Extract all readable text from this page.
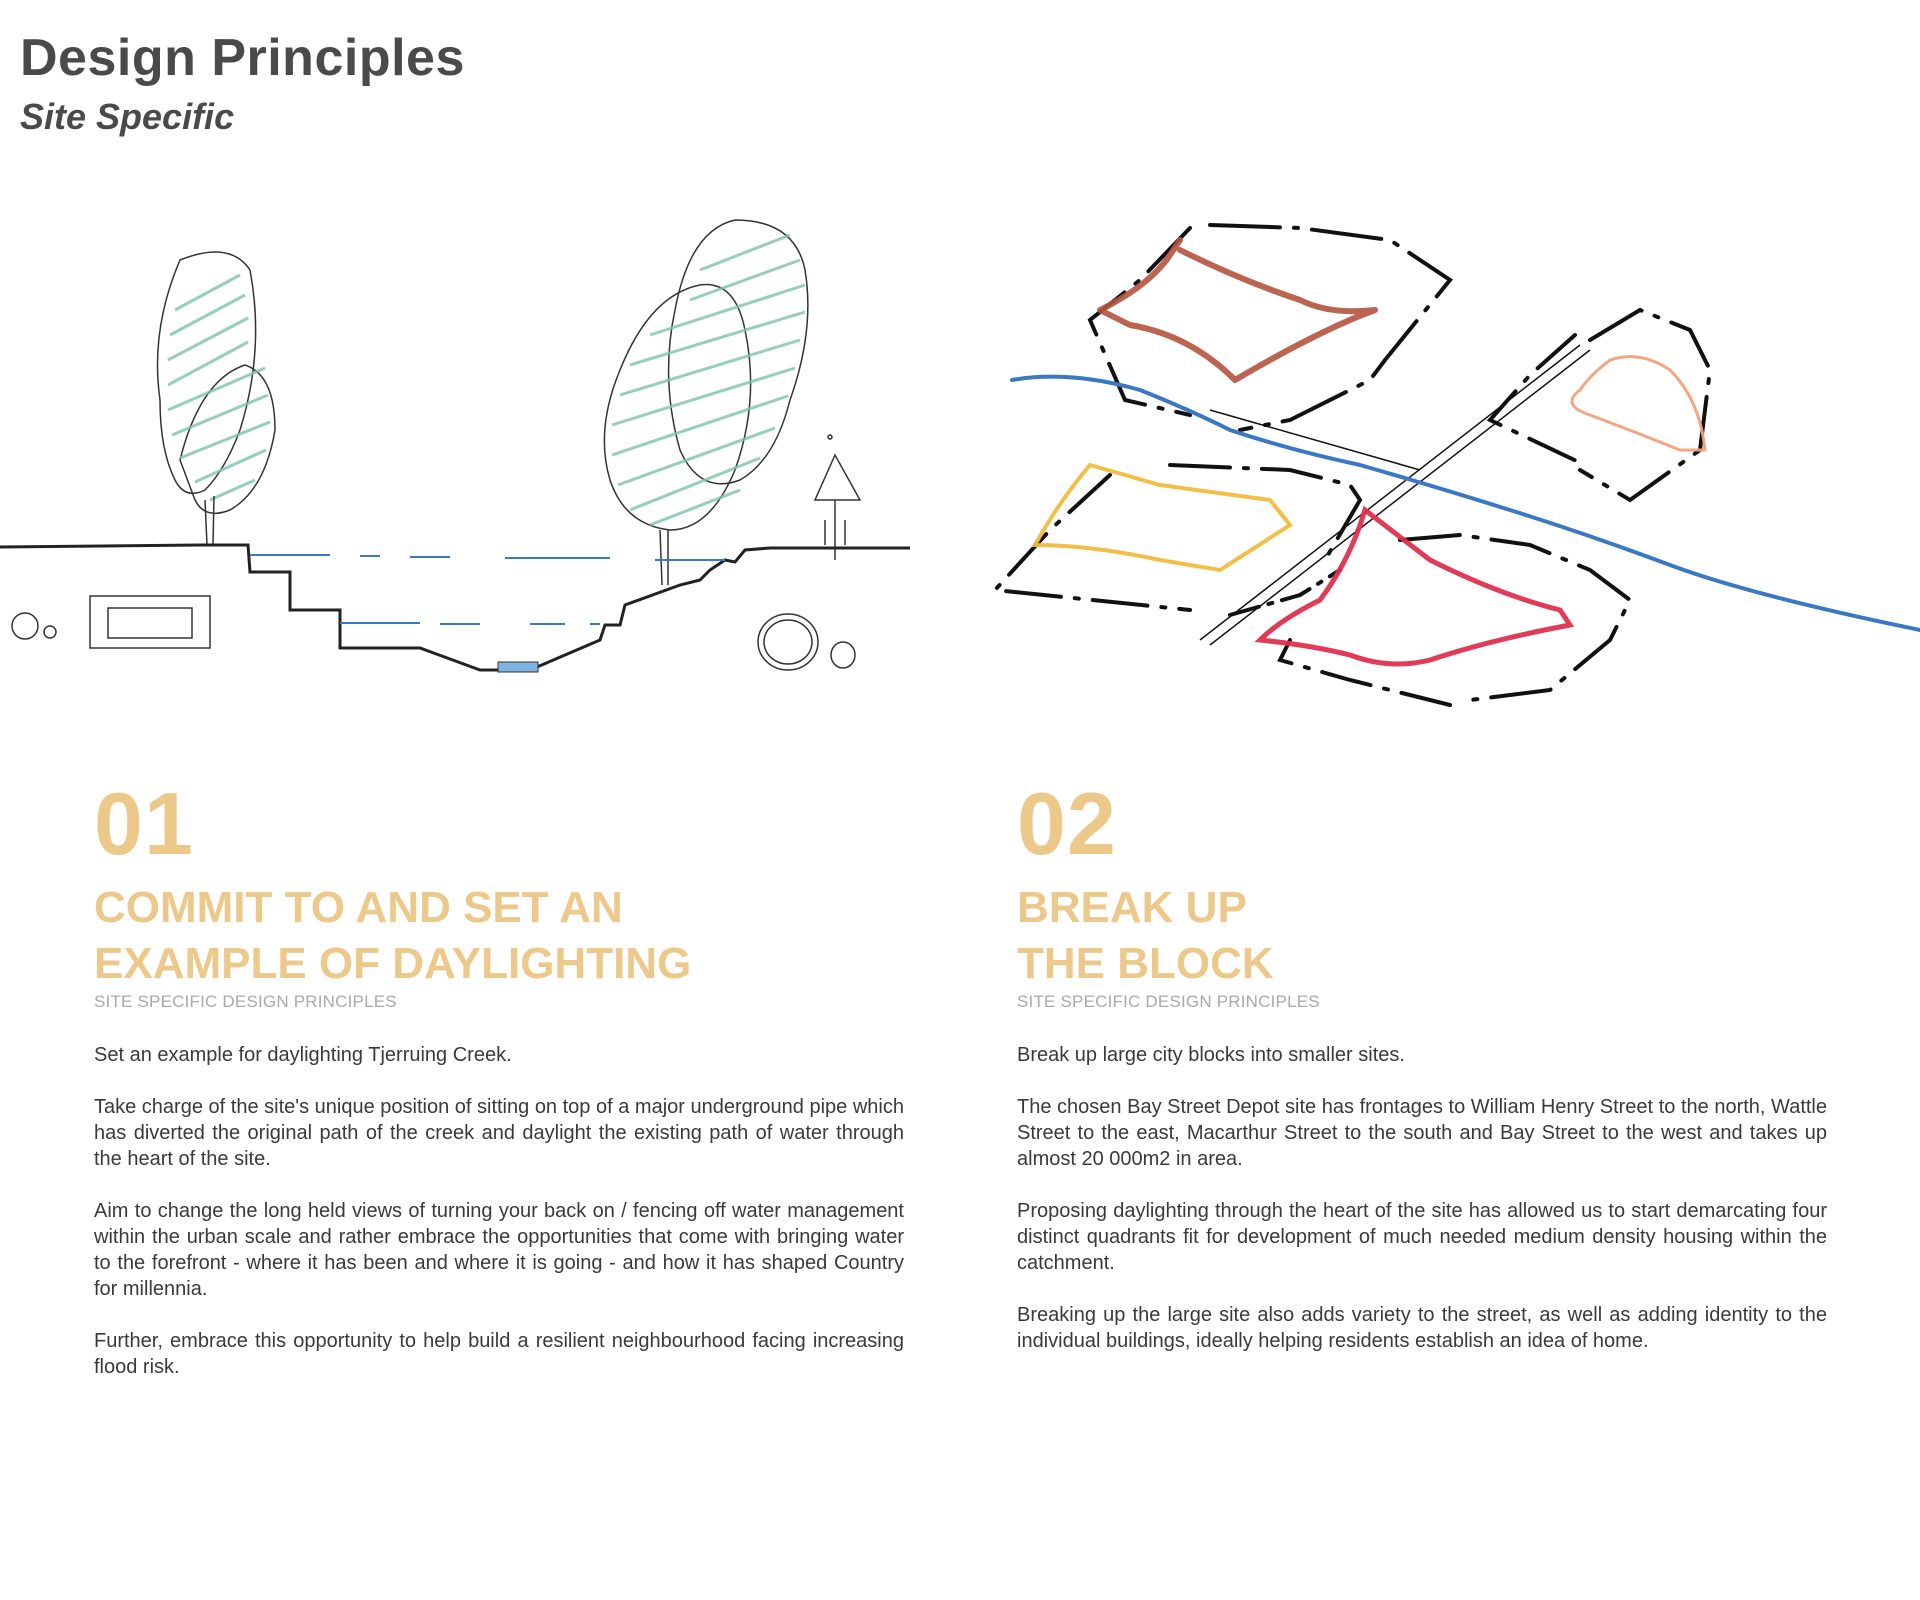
Design Principles
Site Specific
01
COMMIT TO AND SET AN
EXAMPLE OF DAYLIGHTING

SITE SPECIFIC DESIGN PRINCIPLES

Set an example for daylighting Tjerruing Creek.

Take charge of the site's unique position of sitting on top of a major underground pipe which has diverted the original path of the creek and daylight the existing path of water through the heart of the site.

Aim to change the long held views of turning your back on / fencing off water management within the urban scale and rather embrace the opportunities that come with bringing water to the forefront - where it has been and where it is going - and how it has shaped Country for millennia.

Further, embrace this opportunity to help build a resilient neighbourhood facing increasing flood risk.

02
BREAK UP
THE BLOCK

SITE SPECIFIC DESIGN PRINCIPLES

Break up large city blocks into smaller sites.

The chosen Bay Street Depot site has frontages to William Henry Street to the north, Wattle Street to the east, Macarthur Street to the south and Bay Street to the west and takes up almost 20 000m2 in area.

Proposing daylighting through the heart of the site has allowed us to start demarcating four distinct quadrants fit for development of much needed medium density housing within the catchment.

Breaking up the large site also adds variety to the street, as well as adding identity to the individual buildings, ideally helping residents establish an idea of home.
